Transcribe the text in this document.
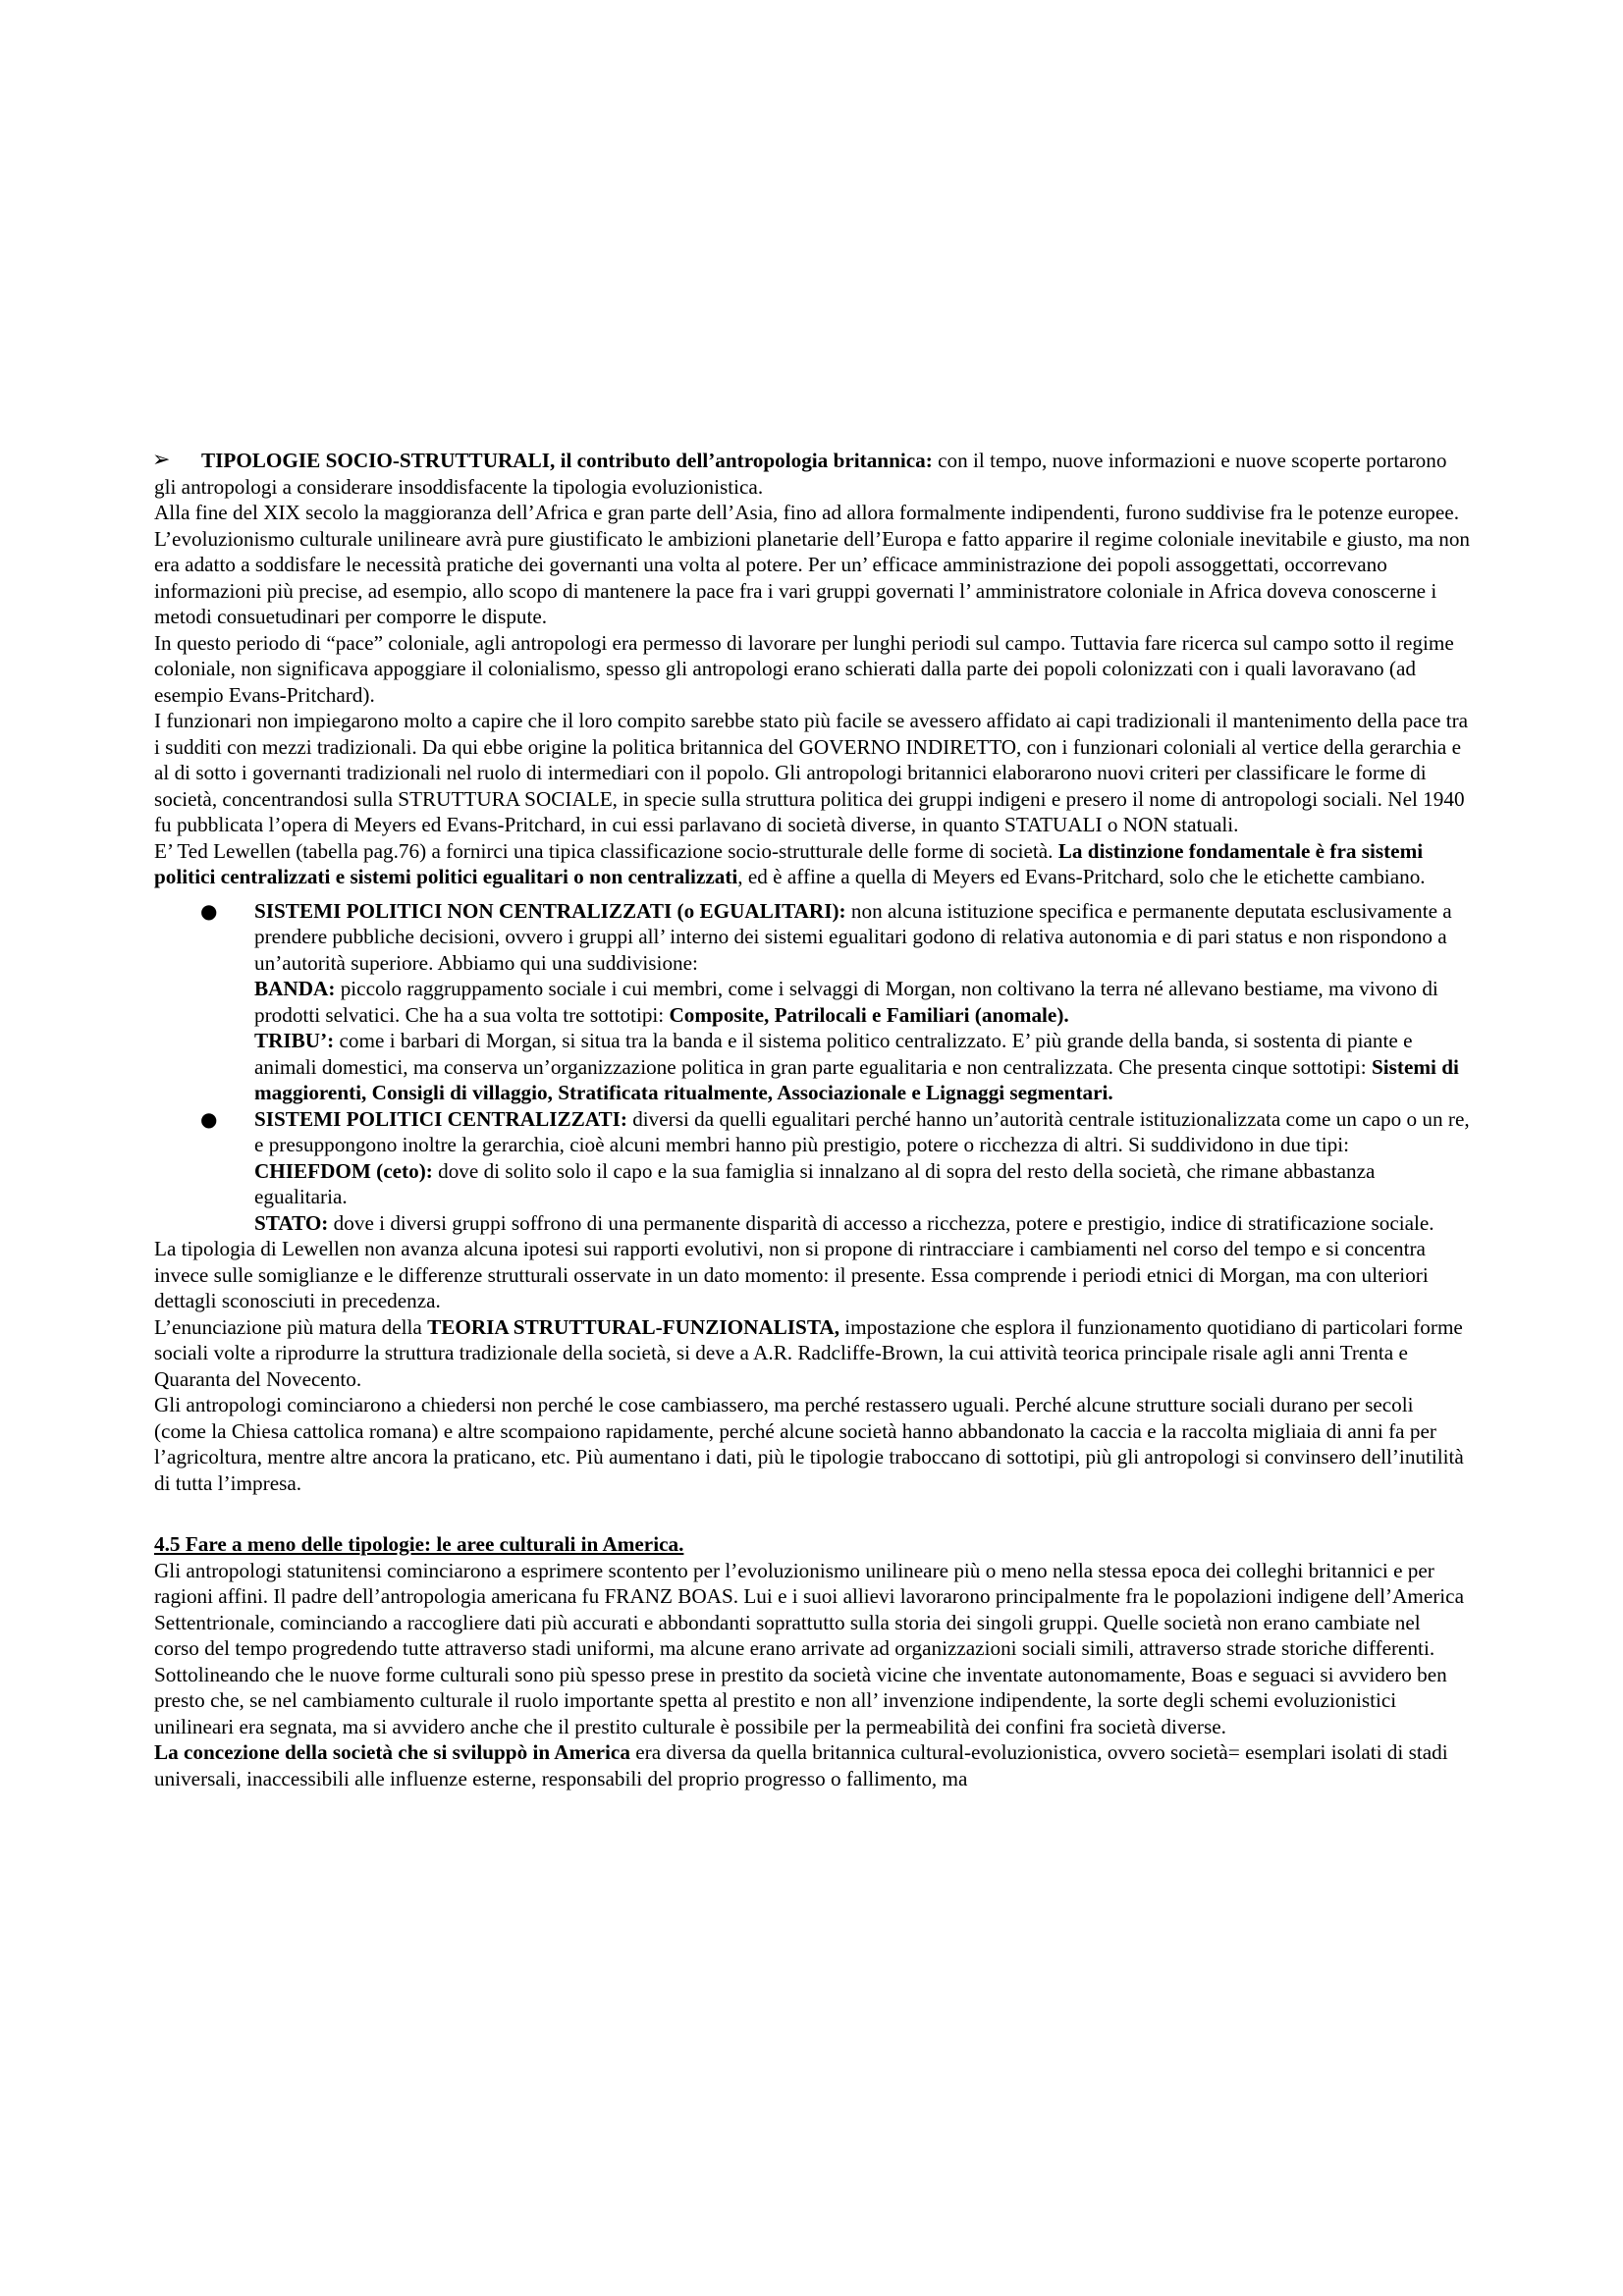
➢ TIPOLOGIE SOCIO-STRUTTURALI, il contributo dell’antropologia britannica: con il tempo, nuove informazioni e nuove scoperte portarono gli antropologi a considerare insoddisfacente la tipologia evoluzionistica.

Alla fine del XIX secolo la maggioranza dell’Africa e gran parte dell’Asia, fino ad allora formalmente indipendenti, furono suddivise fra le potenze europee. L’evoluzionismo culturale unilineare avrà pure giustificato le ambizioni planetarie dell’Europa e fatto apparire il regime coloniale inevitabile e giusto, ma non era adatto a soddisfare le necessità pratiche dei governanti una volta al potere. Per un’ efficace amministrazione dei popoli assoggettati, occorrevano informazioni più precise, ad esempio, allo scopo di mantenere la pace fra i vari gruppi governati l’ amministratore coloniale in Africa doveva conoscerne i metodi consuetudinari per comporre le dispute.

In questo periodo di “pace” coloniale, agli antropologi era permesso di lavorare per lunghi periodi sul campo. Tuttavia fare ricerca sul campo sotto il regime coloniale, non significava appoggiare il colonialismo, spesso gli antropologi erano schierati dalla parte dei popoli colonizzati con i quali lavoravano (ad esempio Evans-Pritchard).

I funzionari non impiegarono molto a capire che il loro compito sarebbe stato più facile se avessero affidato ai capi tradizionali il mantenimento della pace tra i sudditi con mezzi tradizionali. Da qui ebbe origine la politica britannica del GOVERNO INDIRETTO, con i funzionari coloniali al vertice della gerarchia e al di sotto i governanti tradizionali nel ruolo di intermediari con il popolo. Gli antropologi britannici elaborarono nuovi criteri per classificare le forme di società, concentrandosi sulla STRUTTURA SOCIALE, in specie sulla struttura politica dei gruppi indigeni e presero il nome di antropologi sociali. Nel 1940 fu pubblicata l’opera di Meyers ed Evans-Pritchard, in cui essi parlavano di società diverse, in quanto STATUALI o NON statuali.

E’ Ted Lewellen (tabella pag.76) a fornirci una tipica classificazione socio-strutturale delle forme di società. La distinzione fondamentale è fra sistemi politici centralizzati e sistemi politici egualitari o non centralizzati, ed è affine a quella di Meyers ed Evans-Pritchard, solo che le etichette cambiano.

● SISTEMI POLITICI NON CENTRALIZZATI (o EGUALITARI): non alcuna istituzione specifica e permanente deputata esclusivamente a prendere pubbliche decisioni, ovvero i gruppi all’ interno dei sistemi egualitari godono di relativa autonomia e di pari status e non rispondono a un’autorità superiore. Abbiamo qui una suddivisione:
BANDA: piccolo raggruppamento sociale i cui membri, come i selvaggi di Morgan, non coltivano la terra né allevano bestiame, ma vivono di prodotti selvatici. Che ha a sua volta tre sottotipi: Composite, Patrilocali e Familiari (anomale).
TRIBU’: come i barbari di Morgan, si situa tra la banda e il sistema politico centralizzato. E’ più grande della banda, si sostenta di piante e animali domestici, ma conserva un’organizzazione politica in gran parte egualitaria e non centralizzata. Che presenta cinque sottotipi: Sistemi di maggiorenti, Consigli di villaggio, Stratificata ritualmente, Associazionale e Lignaggi segmentari.
● SISTEMI POLITICI CENTRALIZZATI: diversi da quelli egualitari perché hanno un’autorità centrale istituzionalizzata come un capo o un re, e presuppongono inoltre la gerarchia, cioè alcuni membri hanno più prestigio, potere o ricchezza di altri. Si suddividono in due tipi:
CHIEFDOM (ceto): dove di solito solo il capo e la sua famiglia si innalzano al di sopra del resto della società, che rimane abbastanza egualitaria.
STATO: dove i diversi gruppi soffrono di una permanente disparità di accesso a ricchezza, potere e prestigio, indice di stratificazione sociale.

La tipologia di Lewellen non avanza alcuna ipotesi sui rapporti evolutivi, non si propone di rintracciare i cambiamenti nel corso del tempo e si concentra invece sulle somiglianze e le differenze strutturali osservate in un dato momento: il presente. Essa comprende i periodi etnici di Morgan, ma con ulteriori dettagli sconosciuti in precedenza.

L’enunciazione più matura della TEORIA STRUTTURAL-FUNZIONALISTA, impostazione che esplora il funzionamento quotidiano di particolari forme sociali volte a riprodurre la struttura tradizionale della società, si deve a A.R. Radcliffe-Brown, la cui attività teorica principale risale agli anni Trenta e Quaranta del Novecento.

Gli antropologi cominciarono a chiedersi non perché le cose cambiassero, ma perché restassero uguali. Perché alcune strutture sociali durano per secoli (come la Chiesa cattolica romana) e altre scompaiono rapidamente, perché alcune società hanno abbandonato la caccia e la raccolta migliaia di anni fa per l’agricoltura, mentre altre ancora la praticano, etc. Più aumentano i dati, più le tipologie traboccano di sottotipi, più gli antropologi si convinsero dell’inutilità di tutta l’impresa.

4.5 Fare a meno delle tipologie: le aree culturali in America.

Gli antropologi statunitensi cominciarono a esprimere scontento per l’evoluzionismo unilineare più o meno nella stessa epoca dei colleghi britannici e per ragioni affini. Il padre dell’antropologia americana fu FRANZ BOAS. Lui e i suoi allievi lavorarono principalmente fra le popolazioni indigene dell’America Settentrionale, cominciando a raccogliere dati più accurati e abbondanti soprattutto sulla storia dei singoli gruppi. Quelle società non erano cambiate nel corso del tempo progredendo tutte attraverso stadi uniformi, ma alcune erano arrivate ad organizzazioni sociali simili, attraverso strade storiche differenti. Sottolineando che le nuove forme culturali sono più spesso prese in prestito da società vicine che inventate autonomamente, Boas e seguaci si avvidero ben presto che, se nel cambiamento culturale il ruolo importante spetta al prestito e non all’ invenzione indipendente, la sorte degli schemi evoluzionistici unilineari era segnata, ma si avvidero anche che il prestito culturale è possibile per la permeabilità dei confini fra società diverse.

La concezione della società che si sviluppò in America era diversa da quella britannica cultural-evoluzionistica, ovvero società= esemplari isolati di stadi universali, inaccessibili alle influenze esterne, responsabili del proprio progresso o fallimento, ma
